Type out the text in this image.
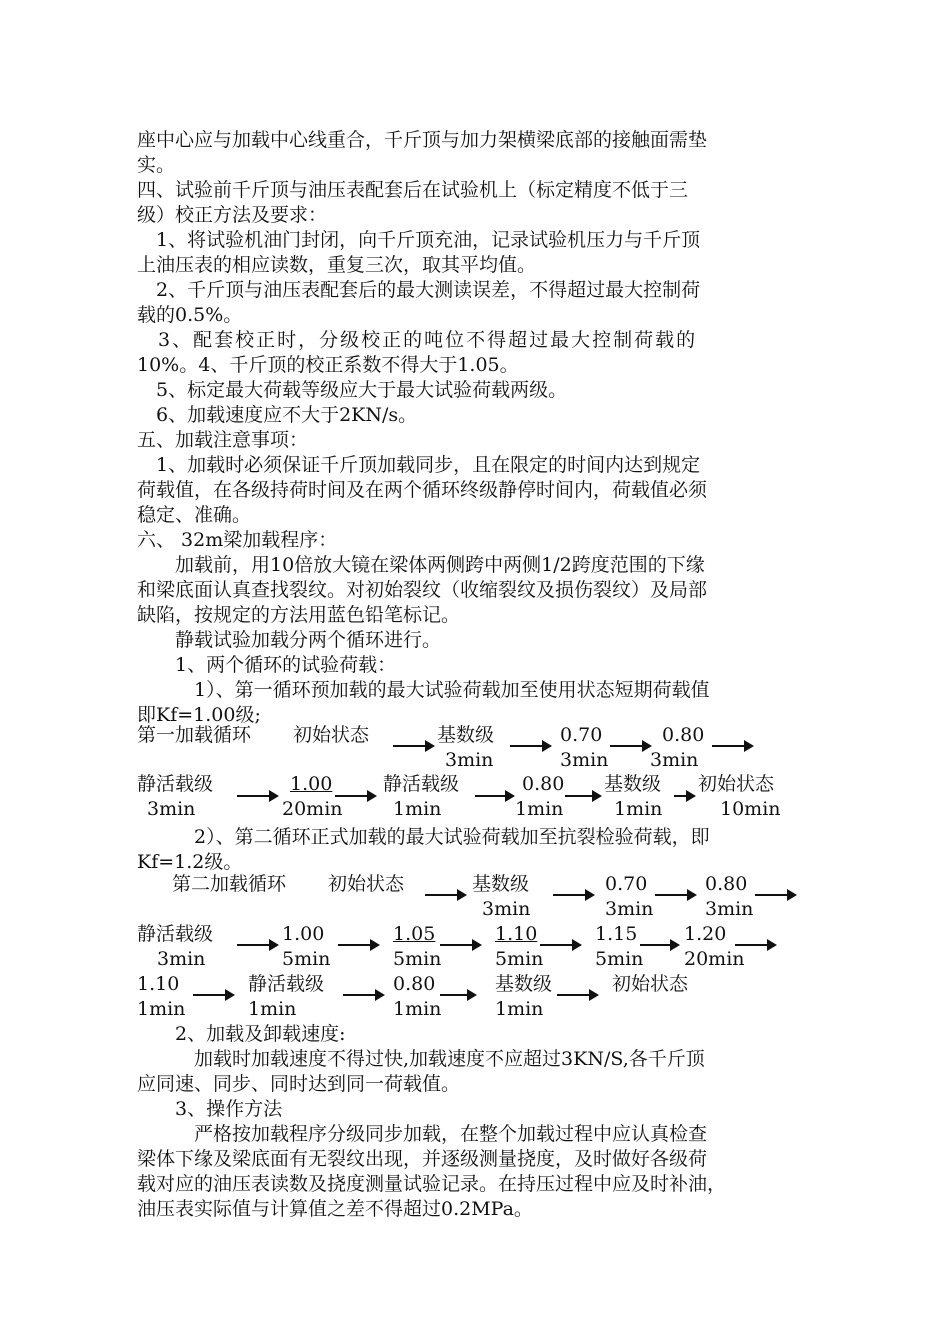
座中心应与加载中心线重合，千斤顶与加力架横梁底部的接触面需垫
实。
四、试验前千斤顶与油压表配套后在试验机上（标定精度不低于三
级）校正方法及要求：
　1、将试验机油门封闭，向千斤顶充油，记录试验机压力与千斤顶
上油压表的相应读数，重复三次，取其平均值。
　2、千斤顶与油压表配套后的最大测读误差，不得超过最大控制荷
载的0.5%。
　3、配套校正时，分级校正的吨位不得超过最大控制荷载的
10%。4、千斤顶的校正系数不得大于1.05。
　5、标定最大荷载等级应大于最大试验荷载两级。
　6、加载速度应不大于2KN/s。
五、加载注意事项：
　1、加载时必须保证千斤顶加载同步，且在限定的时间内达到规定
荷载值，在各级持荷时间及在两个循环终级静停时间内，荷载值必须
稳定、准确。
六、 32m梁加载程序：
　　加载前，用10倍放大镜在梁体两侧跨中两侧1/2跨度范围的下缘
和梁底面认真查找裂纹。对初始裂纹（收缩裂纹及损伤裂纹）及局部
缺陷，按规定的方法用蓝色铅笔标记。
　　静载试验加载分两个循环进行。
　　1、两个循环的试验荷载：
　　　1）、第一循环预加载的最大试验荷载加至使用状态短期荷载值
即Kf=1.00级;
　　　2）、第二循环正式加载的最大试验荷载加至抗裂检验荷载，即
Kf=1.2级。
　　2、加载及卸载速度:
　　　加载时加载速度不得过快,加载速度不应超过3KN/S,各千斤顶
应同速、同步、同时达到同一荷载值。
　　3、操作方法
　　　严格按加载程序分级同步加载，在整个加载过程中应认真检查
梁体下缘及梁底面有无裂纹出现，并逐级测量挠度，及时做好各级荷
载对应的油压表读数及挠度测量试验记录。在持压过程中应及时补油，
油压表实际值与计算值之差不得超过0.2MPa。
第一加载循环 初始状态	基数级
3min
0.70
3min
0.80
3min
静活载级
3min
1.00
20min
静活载级
1min
0.80
1min
基数级
1min
初始状态
10min
第二加载循环 初始状态	基数级
3min
0.70
3min
0.80
3min
静活载级
3min
1.00
5min
1.05
5min
1.10
5min
1.15
5min
1.20
20min
1.10
1min
静活载级
1min
0.80
1min
基数级
1min
初始状态
